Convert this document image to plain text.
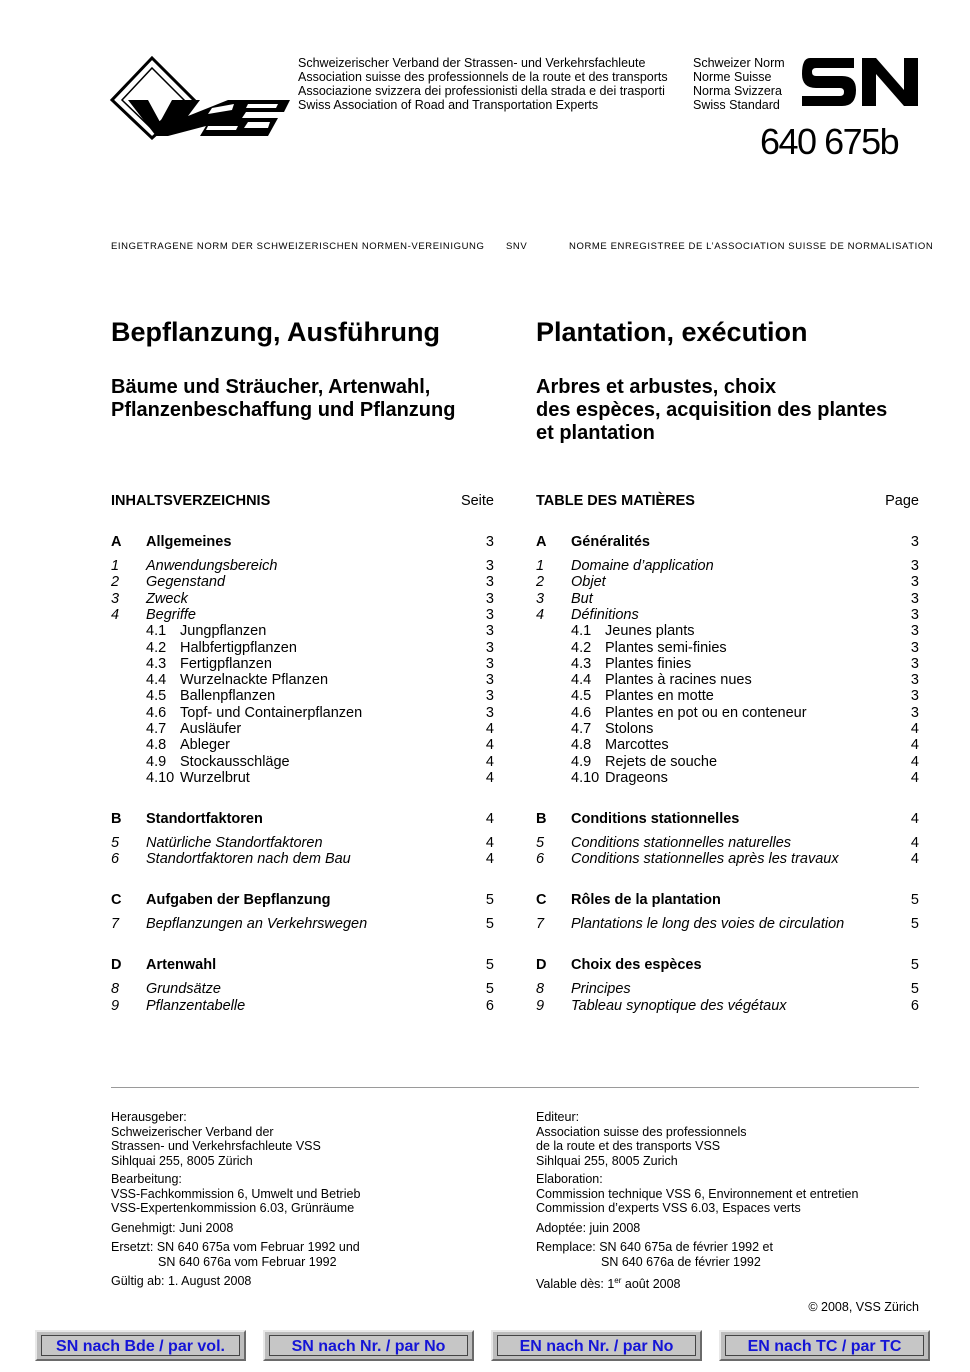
Schweizerischer Verband der Strassen- und Verkehrsfachleute
Association suisse des professionnels de la route et des transports
Associazione svizzera dei professionisti della strada e dei trasporti
Swiss Association of Road and Transportation Experts
Schweizer Norm
Norme Suisse
Norma Svizzera
Swiss Standard
640 675b
EINGETRAGENE NORM DER SCHWEIZERISCHEN NORMEN-VEREINIGUNG SNV	NORME ENREGISTREE DE L’ASSOCIATION SUISSE DE NORMALISATION
Bepflanzung, Ausführung	Plantation, exécution
Bäume und Sträucher, Artenwahl,
Pflanzenbeschaffung und Pflanzung
Arbres et arbustes, choix
des espèces, acquisition des plantes
et plantation
INHALTSVERZEICHNIS	Seite	TABLE DES MATIÈRES	Page
A Allgemeines	3
1 Anwendungsbereich	3
2 Gegenstand	3
3 Zweck	3
4 Begriffe	3
4.1 Jungpflanzen	3
4.2 Halbfertigpflanzen	3
4.3 Fertigpflanzen	3
4.4 Wurzelnackte Pflanzen	3
4.5 Ballenpflanzen	3
4.6 Topf- und Containerpflanzen	3
4.7 Ausläufer	4
4.8 Ableger	4
4.9 Stockausschläge	4
4.10 Wurzelbrut	4
B Standortfaktoren	4
5 Natürliche Standortfaktoren	4
6 Standortfaktoren nach dem Bau	4
C Aufgaben der Bepflanzung	5
7 Bepflanzungen an Verkehrswegen	5
D Artenwahl	5
8 Grundsätze	5
9 Pflanzentabelle	6
A Généralités	3
1 Domaine d’application	3
2 Objet	3
3 But	3
4 Définitions	3
4.1 Jeunes plants	3
4.2 Plantes semi-finies	3
4.3 Plantes finies	3
4.4 Plantes à racines nues	3
4.5 Plantes en motte	3
4.6 Plantes en pot ou en conteneur	3
4.7 Stolons	4
4.8 Marcottes	4
4.9 Rejets de souche	4
4.10 Drageons	4
B Conditions stationnelles	4
5 Conditions stationnelles naturelles	4
6 Conditions stationnelles après les travaux	4
C Rôles de la plantation	5
7 Plantations le long des voies de circulation	5
D Choix des espèces	5
8 Principes	5
9 Tableau synoptique des végétaux	6
Herausgeber:
Schweizerischer Verband der
Strassen- und Verkehrsfachleute VSS
Sihlquai 255, 8005 Zürich
Bearbeitung:
VSS-Fachkommission 6, Umwelt und Betrieb
VSS-Expertenkommission 6.03, Grünräume
Genehmigt: Juni 2008
Ersetzt: SN 640 675a vom Februar 1992 und
SN 640 676a vom Februar 1992
Gültig ab: 1. August 2008
Editeur:
Association suisse des professionnels
de la route et des transports VSS
Sihlquai 255, 8005 Zurich
Elaboration:
Commission technique VSS 6, Environnement et entretien
Commission d’experts VSS 6.03, Espaces verts
Adoptée: juin 2008
Remplace: SN 640 675a de février 1992 et
SN 640 676a de février 1992
Valable dès: 1er août 2008
© 2008, VSS Zürich
SN nach Bde / par vol.	SN nach Nr. / par No	EN nach Nr. / par No	EN nach TC / par TC
